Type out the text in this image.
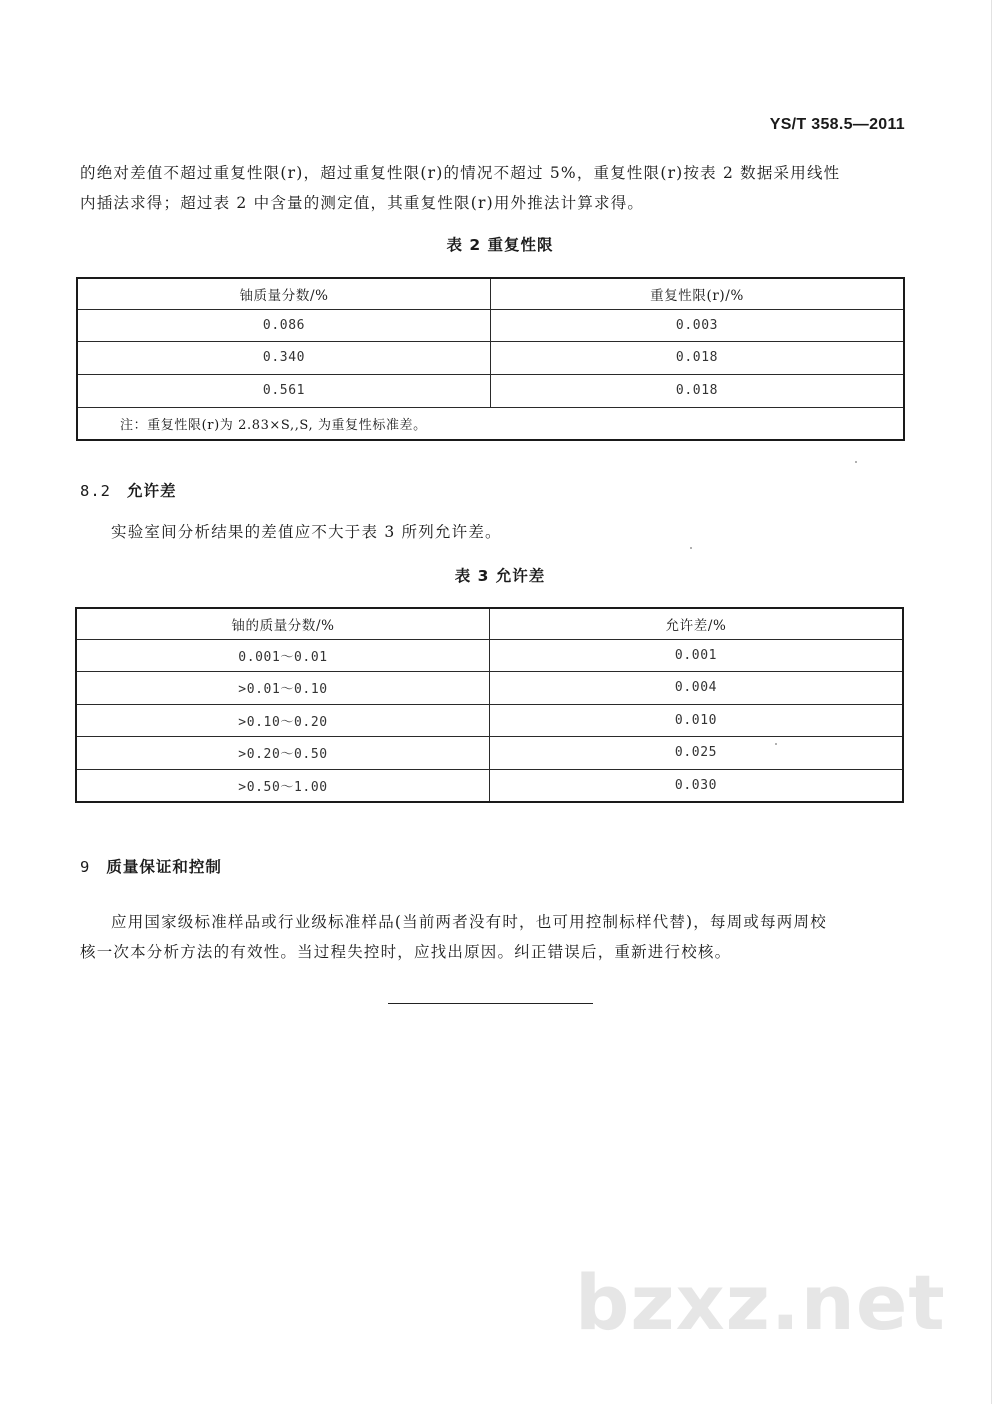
YS/T 358.5—2011
的绝对差值不超过重复性限(r)，超过重复性限(r)的情况不超过 5%，重复性限(r)按表 2 数据采用线性
内插法求得；超过表 2 中含量的测定值，其重复性限(r)用外推法计算求得。
表 2 重复性限
铀质量分数/%	重复性限(r)/%
0.086	0.003
0.340	0.018
0.561	0.018
注：重复性限(r)为 2.83×S,,S, 为重复性标准差。	
8.2 允许差
实验室间分析结果的差值应不大于表 3 所列允许差。
表 3 允许差
铀的质量分数/%	允许差/%
0.001～0.01	0.001
>0.01～0.10	0.004
>0.10～0.20	0.010
>0.20～0.50	0.025
>0.50～1.00	0.030
9 质量保证和控制
应用国家级标准样品或行业级标准样品(当前两者没有时，也可用控制标样代替)，每周或每两周校
核一次本分析方法的有效性。当过程失控时，应找出原因。纠正错误后，重新进行校核。
bzxz.net
